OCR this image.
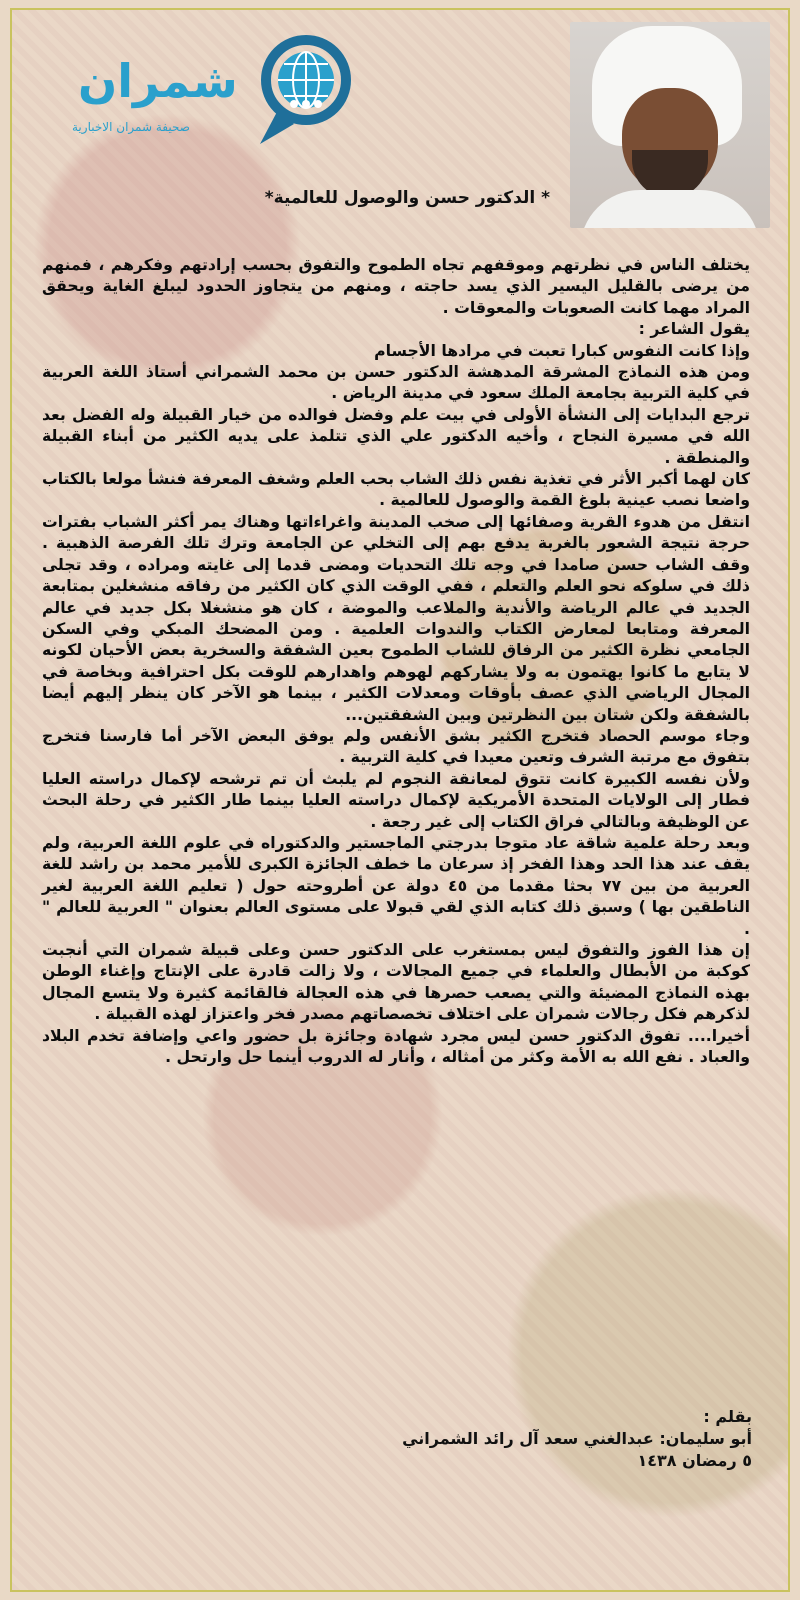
شمران
صحيفة شمران الاخبارية
* الدكتور حسن والوصول للعالمية*

يختلف الناس في نظرتهم وموقفهم تجاه الطموح والتفوق بحسب إرادتهم وفكرهم ، فمنهم من يرضى بالقليل اليسير الذي يسد حاجته ، ومنهم من يتجاوز الحدود ليبلغ الغاية ويحقق المراد مهما كانت الصعوبات والمعوقات .

يقول الشاعر :

وإذا كانت النفوس كبارا تعبت في مرادها الأجسام

ومن هذه النماذج المشرقة المدهشة الدكتور حسن بن محمد الشمراني أستاذ اللغة العربية في كلية التربية بجامعة الملك سعود في مدينة الرياض .

ترجع البدايات إلى النشأة الأولى في بيت علم وفضل فوالده من خيار القبيلة وله الفضل بعد الله في مسيرة النجاح ، وأخيه الدكتور علي الذي تتلمذ على يديه الكثير من أبناء القبيلة والمنطقة .

كان لهما أكبر الأثر في تغذية نفس ذلك الشاب بحب العلم وشغف المعرفة فنشأ مولعا بالكتاب واضعا نصب عينية بلوغ القمة والوصول للعالمية .

انتقل من هدوء القرية وصفائها إلى صخب المدينة واغراءاتها وهناك يمر أكثر الشباب بفترات حرجة نتيجة الشعور بالغربة يدفع بهم إلى التخلي عن الجامعة وترك تلك الفرصة الذهبية . وقف الشاب حسن صامدا في وجه تلك التحديات ومضى قدما إلى غايته ومراده ، وقد تجلى ذلك في سلوكه نحو العلم والتعلم ، ففي الوقت الذي كان الكثير من رفاقه منشغلين بمتابعة الجديد في عالم الرياضة والأندية والملاعب والموضة ، كان هو منشغلا بكل جديد في عالم المعرفة ومتابعا لمعارض الكتاب والندوات العلمية . ومن المضحك المبكي وفي السكن الجامعي نظرة الكثير من الرفاق للشاب الطموح بعين الشفقة والسخرية بعض الأحيان لكونه لا يتابع ما كانوا يهتمون به ولا يشاركهم لهوهم واهدارهم للوقت بكل احترافية وبخاصة في المجال الرياضي الذي عصف بأوقات ومعدلات الكثير ، بينما هو الآخر كان ينظر إليهم أيضا بالشفقة ولكن شتان بين النظرتين وبين الشفقتين...

وجاء موسم الحصاد فتخرج الكثير بشق الأنفس ولم يوفق البعض الآخر أما فارسنا فتخرج بتفوق مع مرتبة الشرف وتعين معيدا في كلية التربية .

ولأن نفسه الكبيرة كانت تتوق لمعانقة النجوم لم يلبث أن تم ترشحه لإكمال دراسته العليا فطار إلى الولايات المتحدة الأمريكية لإكمال دراسته العليا بينما طار الكثير في رحلة البحث عن الوظيفة وبالتالي فراق الكتاب إلى غير رجعة .

وبعد رحلة علمية شاقة عاد متوجا بدرجتي الماجستير والدكتوراه في علوم اللغة العربية، ولم يقف عند هذا الحد وهذا الفخر إذ سرعان ما خطف الجائزة الكبرى للأمير محمد بن راشد للغة العربية من بين ٧٧ بحثا مقدما من ٤٥ دولة عن أطروحته حول ( تعليم اللغة العربية لغير الناطقين بها ) وسبق ذلك كتابه الذي لقي قبولا على مستوى العالم بعنوان " العربية للعالم " .

إن هذا الفوز والتفوق ليس بمستغرب على الدكتور حسن وعلى قبيلة شمران التي أنجبت كوكبة من الأبطال والعلماء في جميع المجالات ، ولا زالت قادرة على الإنتاج وإغناء الوطن بهذه النماذج المضيئة والتي يصعب حصرها في هذه العجالة فالقائمة كثيرة ولا يتسع المجال لذكرهم فكل رجالات شمران على اختلاف تخصصاتهم مصدر فخر واعتزاز لهذه القبيلة .

أخيرا.... تفوق الدكتور حسن ليس مجرد شهادة وجائزة بل حضور واعي وإضافة تخدم البلاد والعباد . نفع الله به الأمة وكثر من أمثاله ، وأنار له الدروب أينما حل وارتحل .

بقلم :
أبو سليمان: عبدالغني سعد آل رائد الشمراني
٥ رمضان ١٤٣٨
